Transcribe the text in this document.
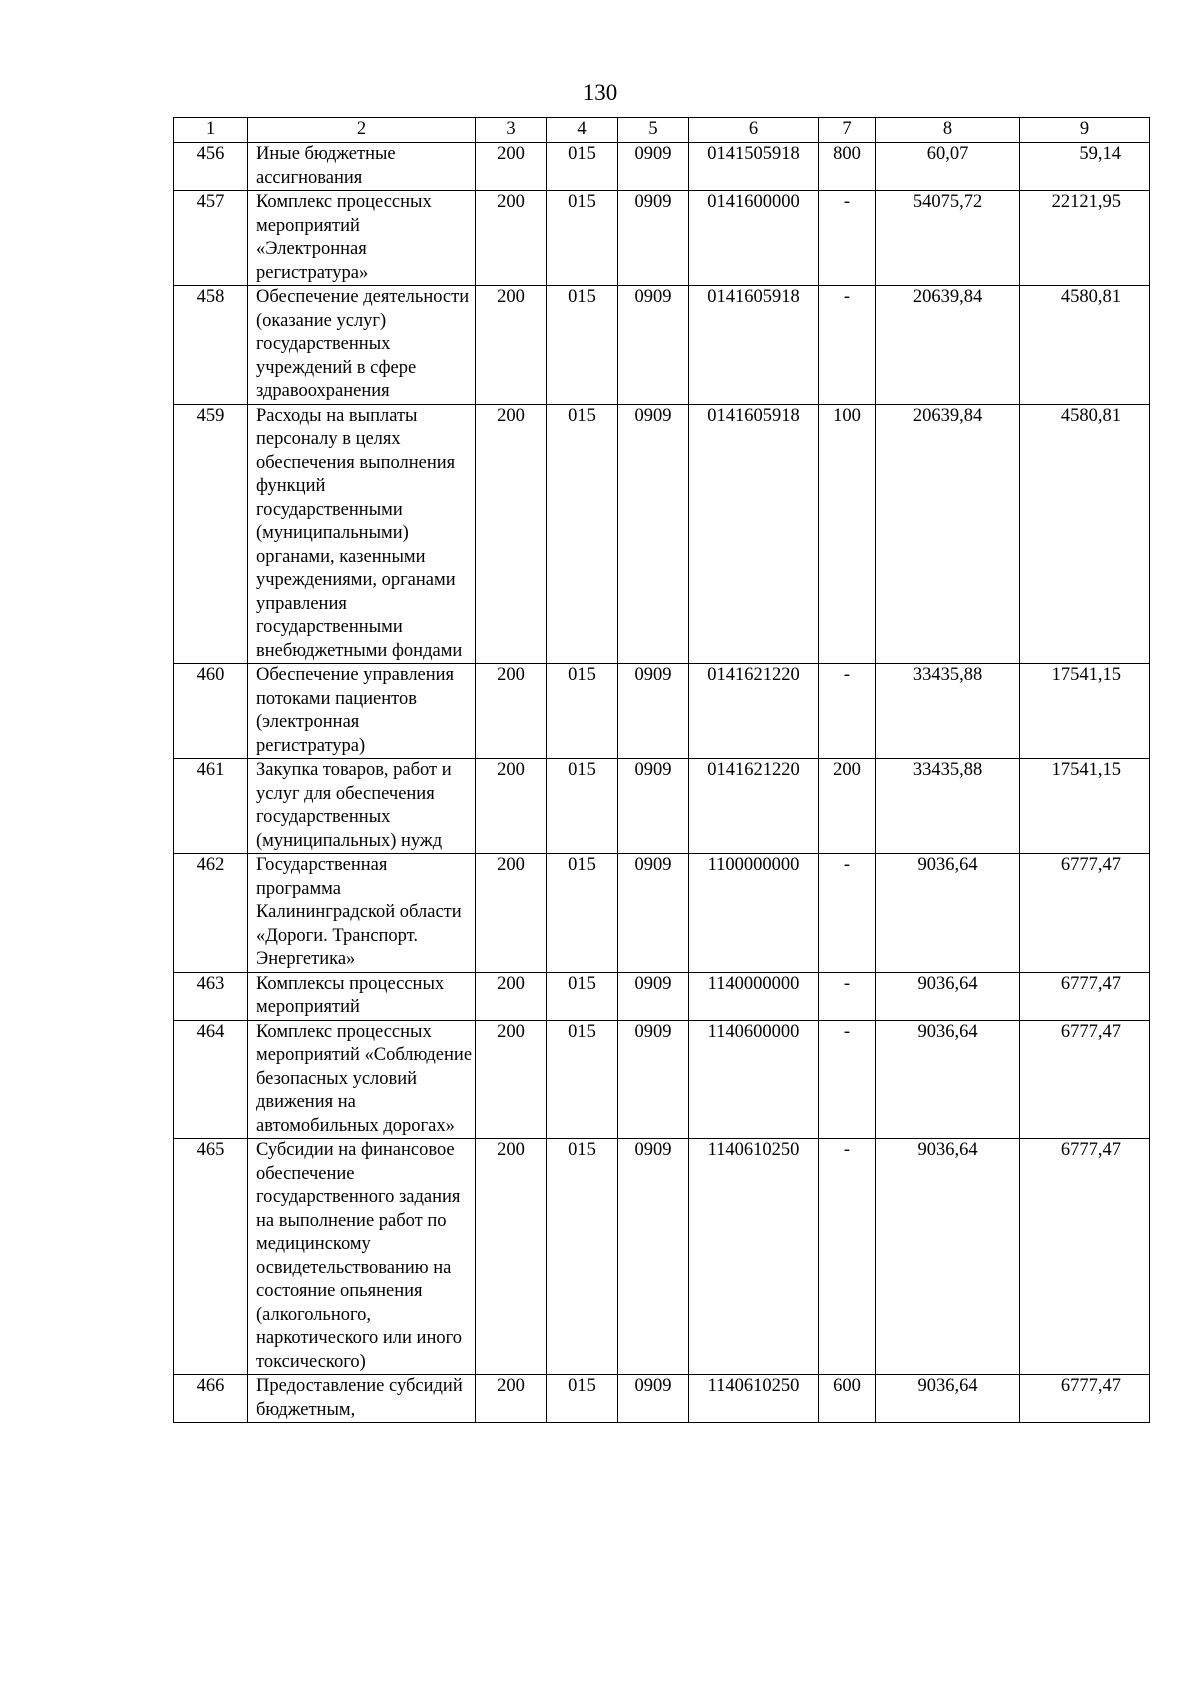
130
1	2	3	4	5	6	7	8	9
456	Иные бюджетные ассигнования	200	015	0909	0141505918	800	60,07	59,14
457	Комплекс процессных мероприятий «Электронная регистратура»	200	015	0909	0141600000	-	54075,72	22121,95
458	Обеспечение деятельности (оказание услуг) государственных учреждений в сфере здравоохранения	200	015	0909	0141605918	-	20639,84	4580,81
459	Расходы на выплаты персоналу в целях обеспечения выполнения функций государственными (муниципальными) органами, казенными учреждениями, органами управления государственными внебюджетными фондами	200	015	0909	0141605918	100	20639,84	4580,81
460	Обеспечение управления потоками пациентов (электронная регистратура)	200	015	0909	0141621220	-	33435,88	17541,15
461	Закупка товаров, работ и услуг для обеспечения государственных (муниципальных) нужд	200	015	0909	0141621220	200	33435,88	17541,15
462	Государственная программа Калининградской области «Дороги. Транспорт. Энергетика»	200	015	0909	1100000000	-	9036,64	6777,47
463	Комплексы процессных мероприятий	200	015	0909	1140000000	-	9036,64	6777,47
464	Комплекс процессных мероприятий «Соблюдение безопасных условий движения на автомобильных дорогах»	200	015	0909	1140600000	-	9036,64	6777,47
465	Субсидии на финансовое обеспечение государственного задания на выполнение работ по медицинскому освидетельствованию на состояние опьянения (алкогольного, наркотического или иного токсического)	200	015	0909	1140610250	-	9036,64	6777,47
466	Предоставление субсидий бюджетным,	200	015	0909	1140610250	600	9036,64	6777,47
